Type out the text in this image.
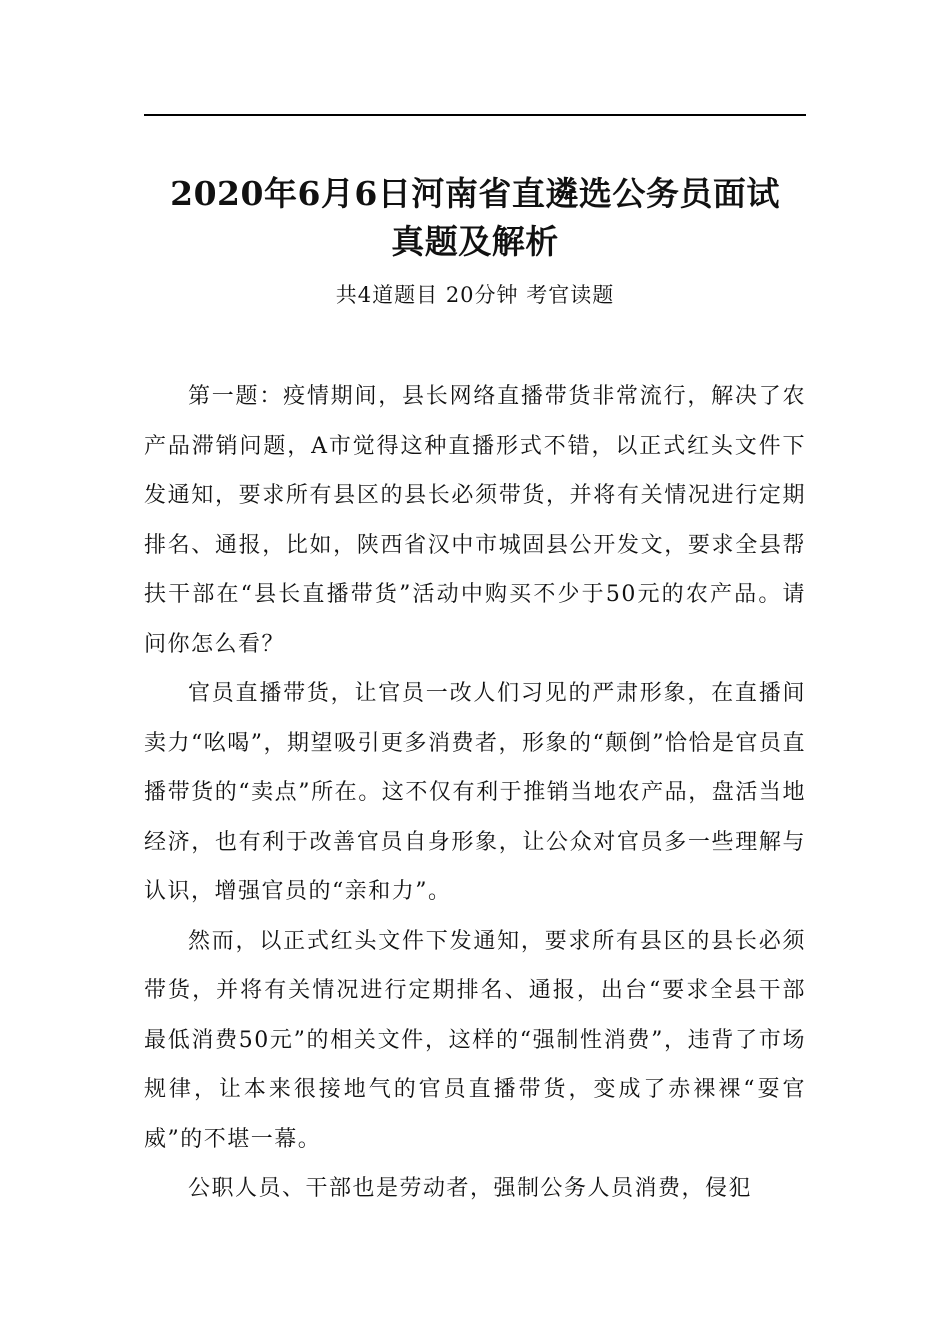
2020年6月6日河南省直遴选公务员面试
真题及解析
共4道题目 20分钟 考官读题

第一题：疫情期间，县长网络直播带货非常流行，解决了农产品滞销问题，A市觉得这种直播形式不错，以正式红头文件下发通知，要求所有县区的县长必须带货，并将有关情况进行定期排名、通报，比如，陕西省汉中市城固县公开发文，要求全县帮扶干部在“县长直播带货”活动中购买不少于50元的农产品。请问你怎么看？

官员直播带货，让官员一改人们习见的严肃形象，在直播间卖力“吆喝”，期望吸引更多消费者，形象的“颠倒”恰恰是官员直播带货的“卖点”所在。这不仅有利于推销当地农产品，盘活当地经济，也有利于改善官员自身形象，让公众对官员多一些理解与认识，增强官员的“亲和力”。

然而，以正式红头文件下发通知，要求所有县区的县长必须带货，并将有关情况进行定期排名、通报，出台“要求全县干部最低消费50元”的相关文件，这样的“强制性消费”，违背了市场规律，让本来很接地气的官员直播带货，变成了赤裸裸“耍官威”的不堪一幕。

公职人员、干部也是劳动者，强制公务人员消费，侵犯
